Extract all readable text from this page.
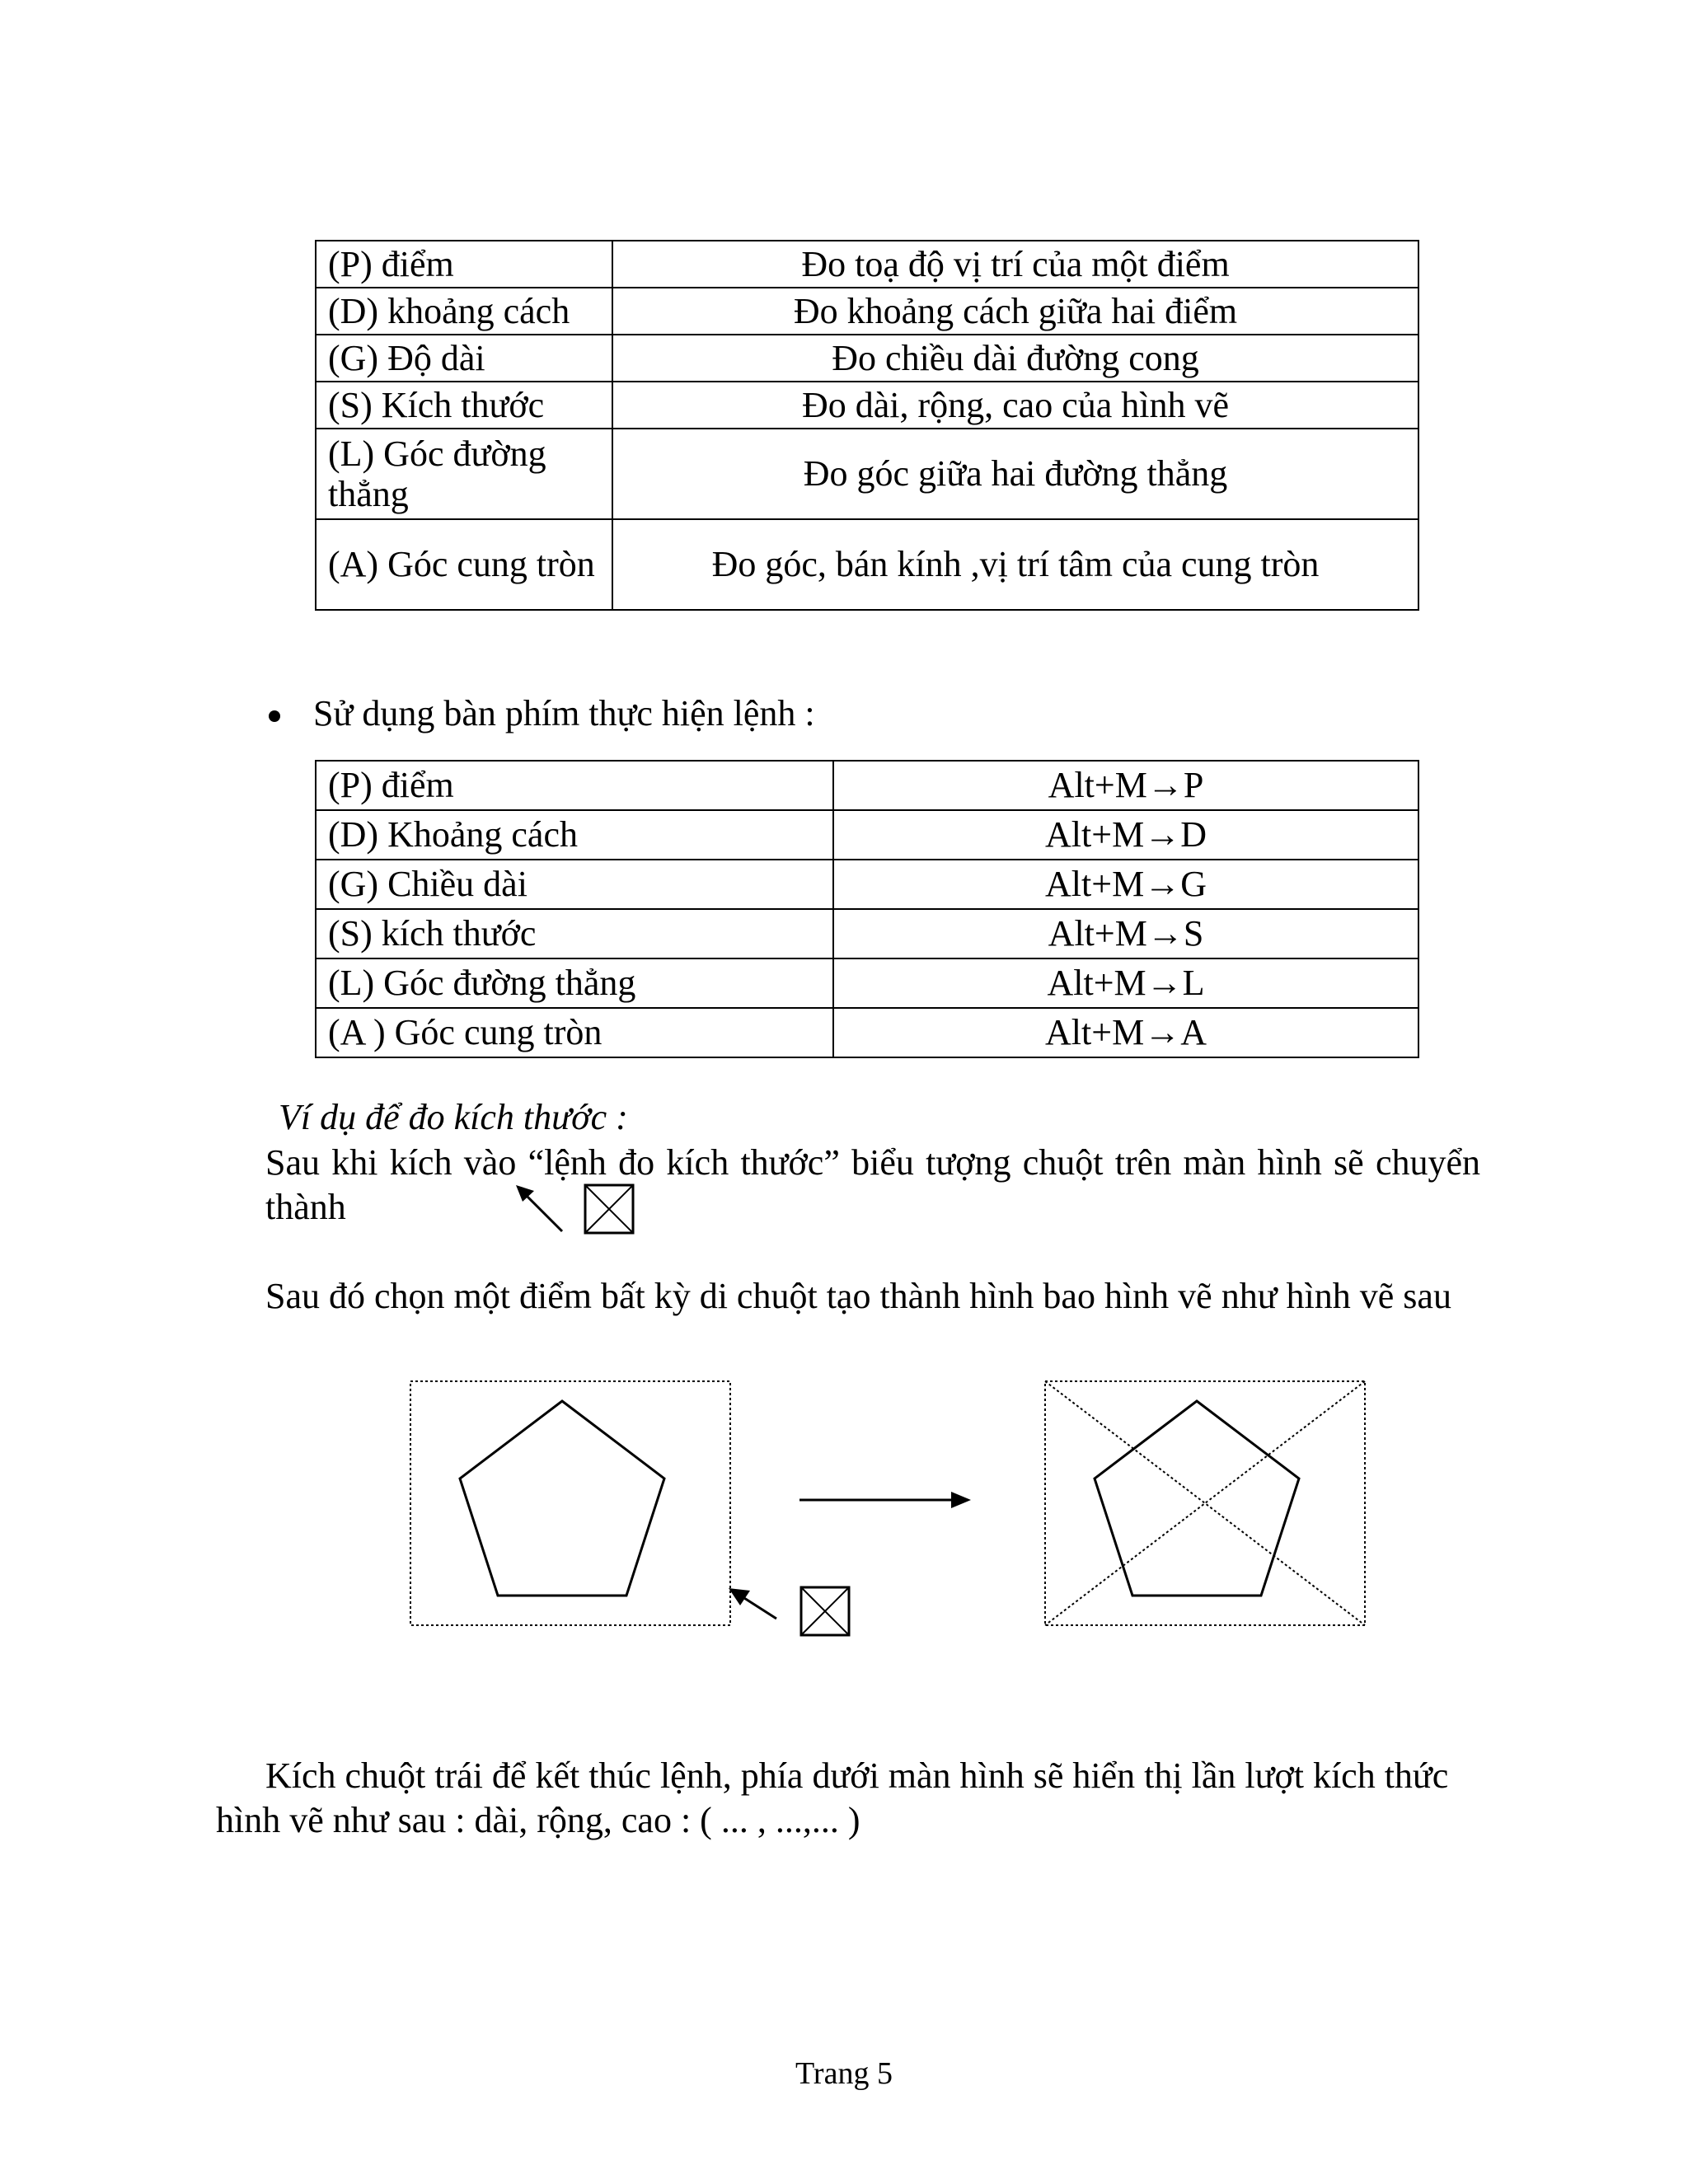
(P) điểm	Đo toạ độ vị trí của một điểm
(D) khoảng cách	Đo khoảng cách giữa hai điểm
(G) Độ dài	Đo chiều dài đường cong
(S) Kích thước	Đo dài, rộng, cao của hình vẽ
(L) Góc đường thẳng	Đo góc giữa hai đường thẳng
(A) Góc cung tròn	Đo góc, bán kính ,vị trí tâm của cung tròn
Sử dụng bàn phím thực hiện lệnh :
(P) điểm	Alt+M→P
(D) Khoảng cách	Alt+M→D
(G) Chiều dài	Alt+M→G
(S) kích thước	Alt+M→S
(L) Góc đường thẳng	Alt+M→L
(A ) Góc cung tròn	Alt+M→A
Ví dụ để đo kích thước :
Sau khi kích vào “lệnh đo kích thước” biểu tượng chuột trên màn hình sẽ chuyển thành
Sau đó chọn một điểm bất kỳ di chuột tạo thành hình bao hình vẽ như hình vẽ sau
Kích chuột trái để kết thúc lệnh, phía dưới màn hình sẽ hiển thị lần lượt kích thức hình vẽ như sau : dài, rộng, cao : ( ... , ...,... )
Trang 5
